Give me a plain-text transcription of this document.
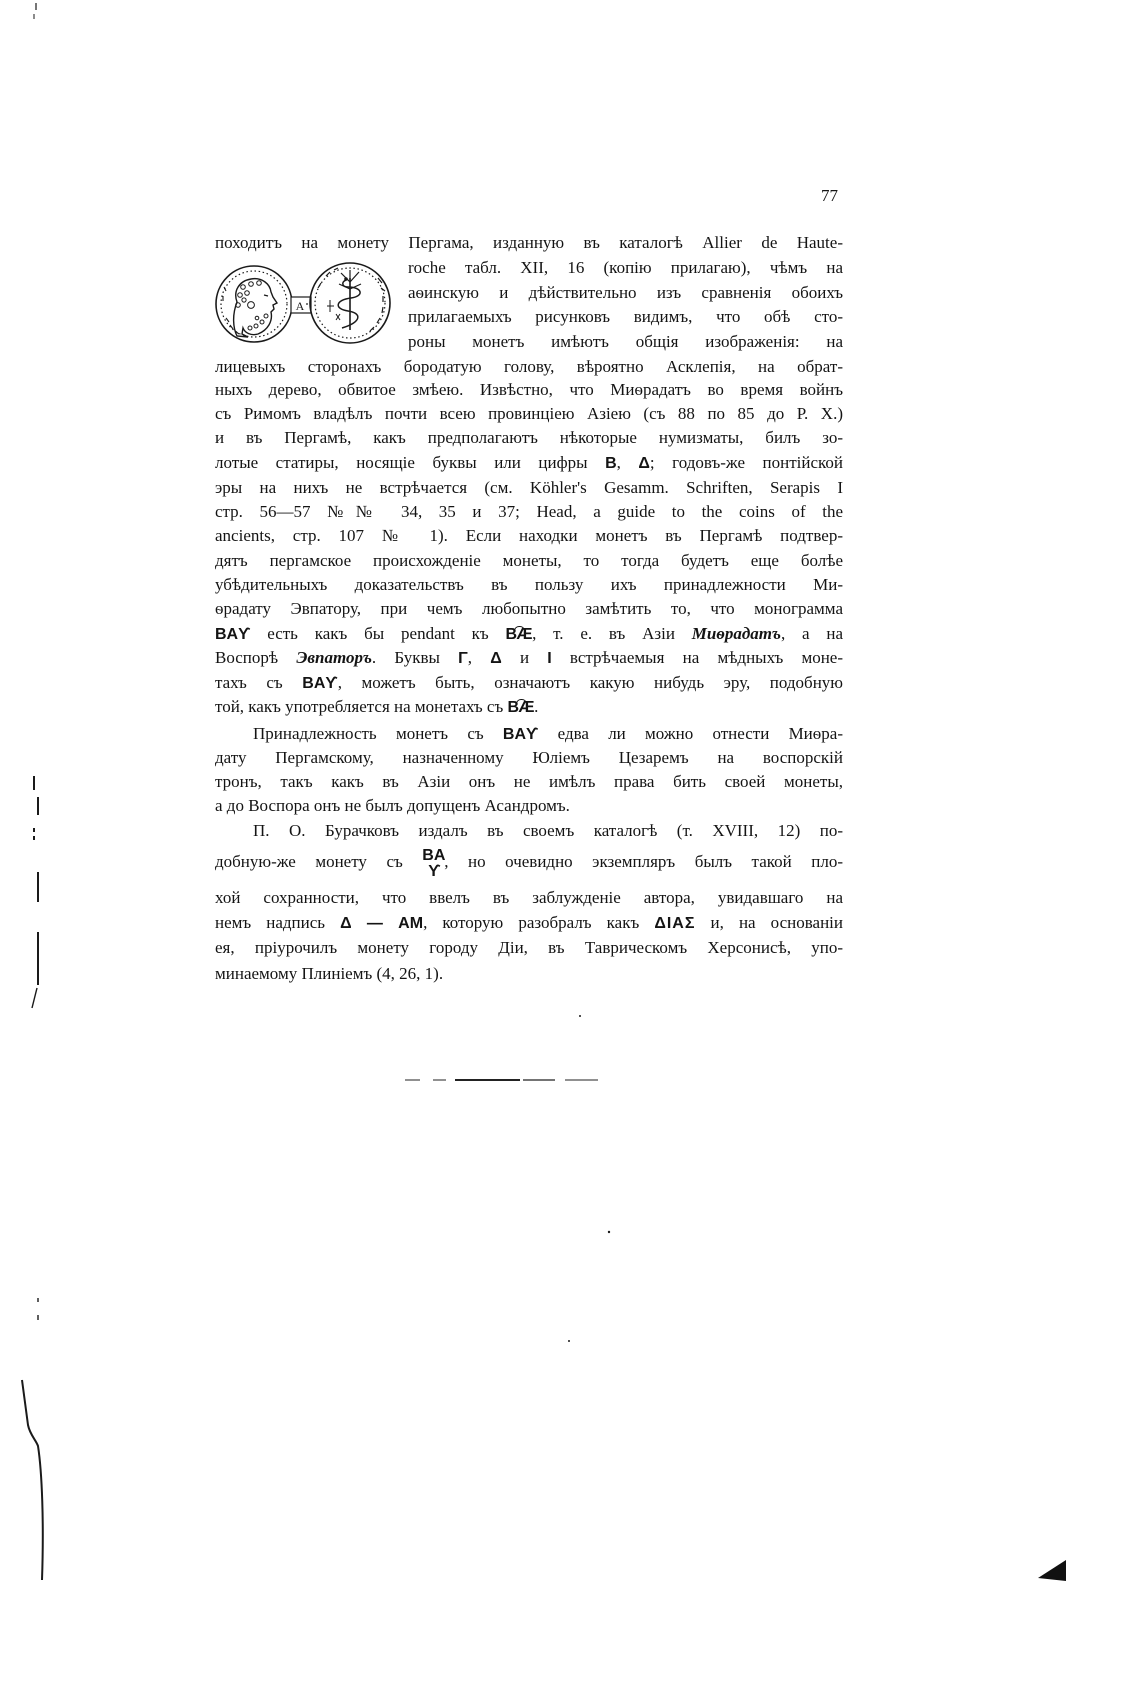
A
77
походитъ на монету Пергама, изданную въ каталогѣ Allier de Haute-
roche табл. XII, 16 (копію прилагаю), чѣмъ на
аѳинскую и дѣйствительно изъ сравненія обоихъ
прилагаемыхъ рисунковъ видимъ, что обѣ сто-
роны монетъ имѣютъ общія изображенія: на
лицевыхъ сторонахъ бородатую голову, вѣроятно Асклепія, на обрат-
ныхъ дерево, обвитое змѣею. Извѣстно, что Миѳрадатъ во время войнъ
съ Римомъ владѣлъ почти всею провинціею Азіею (съ 88 по 85 до Р. Х.)
и въ Пергамѣ, какъ предполагаютъ нѣкоторые нумизматы, билъ зо-
лотые статиры, носящіе буквы или цифры B, Δ; годовъ-же понтійской
эры на нихъ не встрѣчается (см. Köhler's Gesamm. Schriften, Serapis I
стр. 56—57 №№ 34, 35 и 37; Head, a guide to the coins of the
ancients, стр. 107 № 1). Если находки монетъ въ Пергамѣ подтвер-
дятъ пергамское происхожденіе монеты, то тогда будетъ еще болѣе
убѣдительныхъ доказательствъ въ пользу ихъ принадлежности Ми-
ѳрадату Эвпатору, при чемъ любопытно замѣтить то, что монограмма
BAϒ есть какъ бы pendant къ BÆ, т. е. въ Азіи Миѳрадатъ, а на
Воспорѣ Эвпаторъ. Буквы Γ, Δ и I встрѣчаемыя на мѣдныхъ моне-
тахъ съ BAϒ, можетъ быть, означаютъ какую нибудь эру, подобную
той, какъ употребляется на монетахъ съ BÆ.
Принадлежность монетъ съ BAϒ едва ли можно отнести Миѳра-
дату Пергамскому, назначенному Юліемъ Цезаремъ на воспорскій
тронъ, такъ какъ въ Азіи онъ не имѣлъ права бить своей монеты,
а до Воспора онъ не былъ допущенъ Асандромъ.
П. О. Бурачковъ издалъ въ своемъ каталогѣ (т. XVIII, 12) по-
добную-же монету съ BA
ϒ
, но очевидно экземпляръ былъ такой пло-
хой сохранности, что ввелъ въ заблужденіе автора, увидавшаго на
немъ надпись Δ — AM, которую разобралъ какъ ΔΙΑΣ и, на основаніи
ея, пріурочилъ монету городу Діи, въ Таврическомъ Херсонисѣ, упо-
минаемому Плиніемъ (4, 26, 1).
